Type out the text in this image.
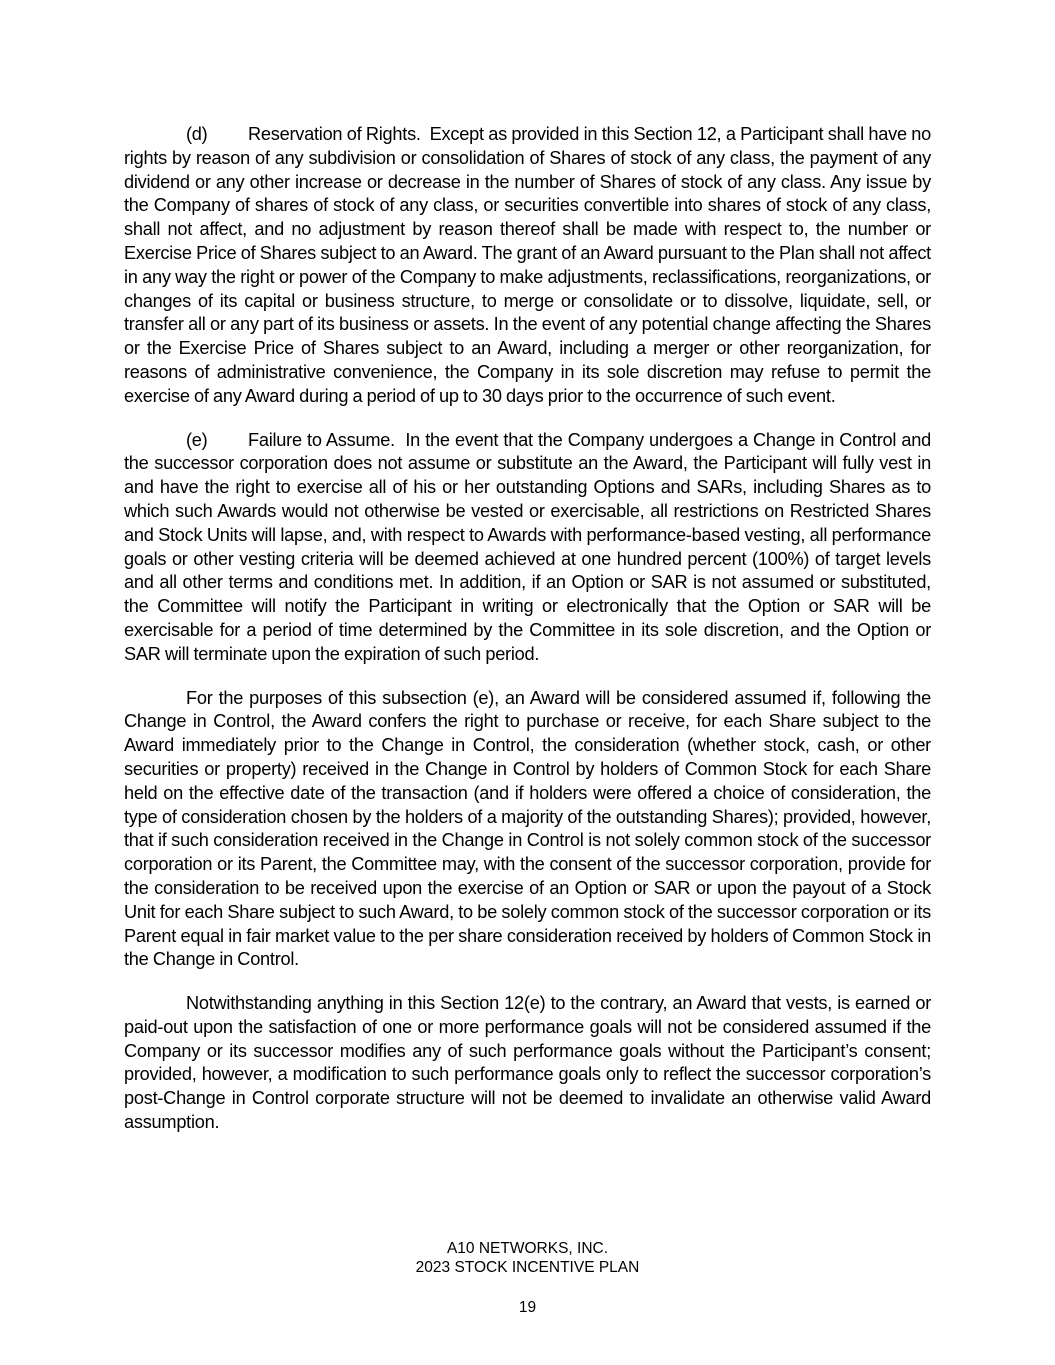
(d) Reservation of Rights. Except as provided in this Section 12, a Participant shall have no rights by reason of any subdivision or consolidation of Shares of stock of any class, the payment of any dividend or any other increase or decrease in the number of Shares of stock of any class. Any issue by the Company of shares of stock of any class, or securities convertible into shares of stock of any class, shall not affect, and no adjustment by reason thereof shall be made with respect to, the number or Exercise Price of Shares subject to an Award. The grant of an Award pursuant to the Plan shall not affect in any way the right or power of the Company to make adjustments, reclassifications, reorganizations, or changes of its capital or business structure, to merge or consolidate or to dissolve, liquidate, sell, or transfer all or any part of its business or assets. In the event of any potential change affecting the Shares or the Exercise Price of Shares subject to an Award, including a merger or other reorganization, for reasons of administrative convenience, the Company in its sole discretion may refuse to permit the exercise of any Award during a period of up to 30 days prior to the occurrence of such event.

(e) Failure to Assume. In the event that the Company undergoes a Change in Control and the successor corporation does not assume or substitute an the Award, the Participant will fully vest in and have the right to exercise all of his or her outstanding Options and SARs, including Shares as to which such Awards would not otherwise be vested or exercisable, all restrictions on Restricted Shares and Stock Units will lapse, and, with respect to Awards with performance-based vesting, all performance goals or other vesting criteria will be deemed achieved at one hundred percent (100%) of target levels and all other terms and conditions met. In addition, if an Option or SAR is not assumed or substituted, the Committee will notify the Participant in writing or electronically that the Option or SAR will be exercisable for a period of time determined by the Committee in its sole discretion, and the Option or SAR will terminate upon the expiration of such period.

For the purposes of this subsection (e), an Award will be considered assumed if, following the Change in Control, the Award confers the right to purchase or receive, for each Share subject to the Award immediately prior to the Change in Control, the consideration (whether stock, cash, or other securities or property) received in the Change in Control by holders of Common Stock for each Share held on the effective date of the transaction (and if holders were offered a choice of consideration, the type of consideration chosen by the holders of a majority of the outstanding Shares); provided, however, that if such consideration received in the Change in Control is not solely common stock of the successor corporation or its Parent, the Committee may, with the consent of the successor corporation, provide for the consideration to be received upon the exercise of an Option or SAR or upon the payout of a Stock Unit for each Share subject to such Award, to be solely common stock of the successor corporation or its Parent equal in fair market value to the per share consideration received by holders of Common Stock in the Change in Control.

Notwithstanding anything in this Section 12(e) to the contrary, an Award that vests, is earned or paid-out upon the satisfaction of one or more performance goals will not be considered assumed if the Company or its successor modifies any of such performance goals without the Participant’s consent; provided, however, a modification to such performance goals only to reflect the successor corporation’s post-Change in Control corporate structure will not be deemed to invalidate an otherwise valid Award assumption.

A10 NETWORKS, INC.
2023 STOCK INCENTIVE PLAN
19
